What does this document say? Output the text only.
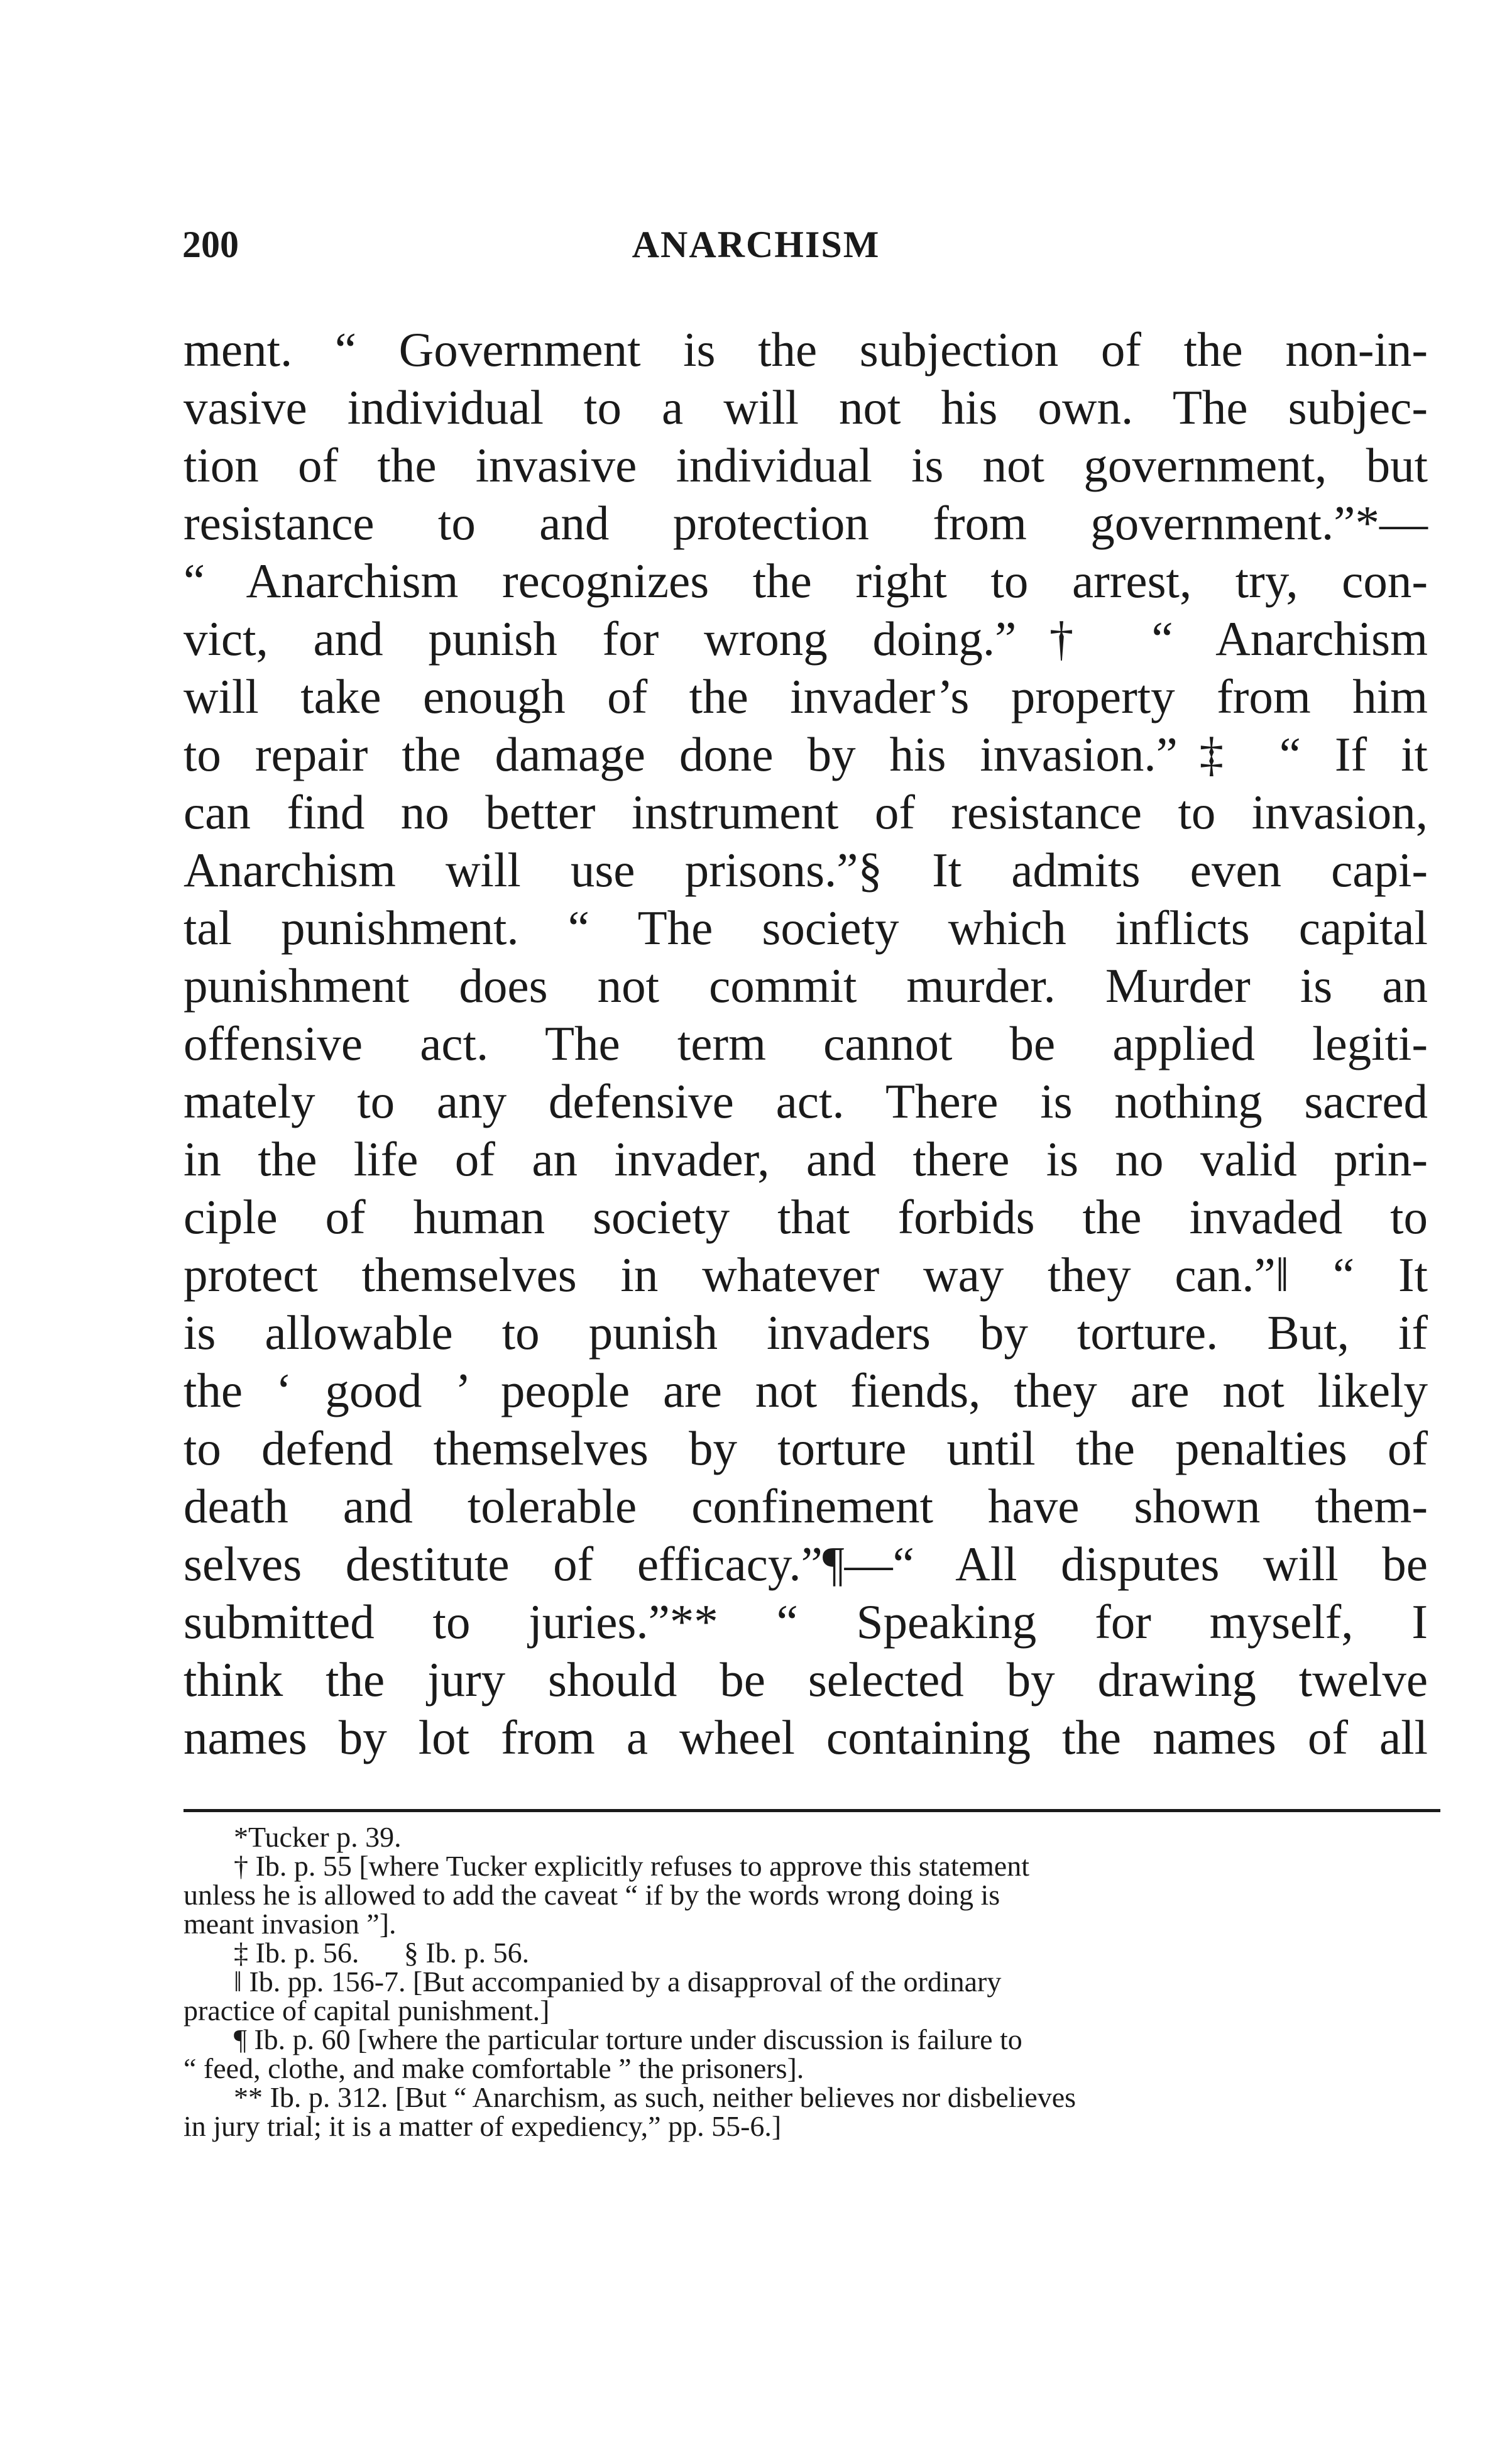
200	ANARCHISM
ment. “ Government is the subjection of the non-in-
vasive individual to a will not his own. The subjec-
tion of the invasive individual is not government, but
resistance to and protection from government.”*—
“ Anarchism recognizes the right to arrest, try, con-
vict, and punish for wrong doing.”† “ Anarchism
will take enough of the invader’s property from him
to repair the damage done by his invasion.”‡ “ If it
can find no better instrument of resistance to invasion,
Anarchism will use prisons.”§ It admits even capi-
tal punishment. “ The society which inflicts capital
punishment does not commit murder. Murder is an
offensive act. The term cannot be applied legiti-
mately to any defensive act. There is nothing sacred
in the life of an invader, and there is no valid prin-
ciple of human society that forbids the invaded to
protect themselves in whatever way they can.”‖ “ It
is allowable to punish invaders by torture. But, if
the ‘ good ’ people are not fiends, they are not likely
to defend themselves by torture until the penalties of
death and tolerable confinement have shown them-
selves destitute of efficacy.”¶—“ All disputes will be
submitted to juries.”** “ Speaking for myself, I
think the jury should be selected by drawing twelve
names by lot from a wheel containing the names of all
*Tucker p. 39.
† Ib. p. 55 [where Tucker explicitly refuses to approve this statement
unless he is allowed to add the caveat “ if by the words wrong doing is
meant invasion ”].
‡ Ib. p. 56. § Ib. p. 56.
‖ Ib. pp. 156-7. [But accompanied by a disapproval of the ordinary
practice of capital punishment.]
¶ Ib. p. 60 [where the particular torture under discussion is failure to
“ feed, clothe, and make comfortable ” the prisoners].
** Ib. p. 312. [But “ Anarchism, as such, neither believes nor disbelieves
in jury trial; it is a matter of expediency,” pp. 55-6.]
